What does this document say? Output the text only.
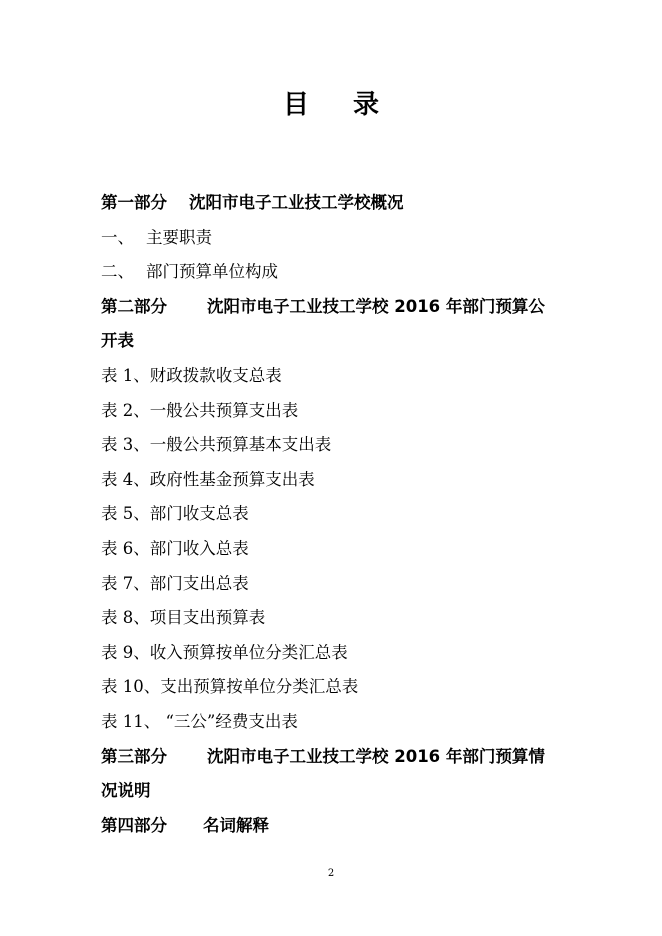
目 录
第一部分 沈阳市电子工业技工学校概况
一、 主要职责
二、 部门预算单位构成
第二部分 沈阳市电子工业技工学校 2016 年部门预算公
开表
表 1、财政拨款收支总表
表 2、一般公共预算支出表
表 3、一般公共预算基本支出表
表 4、政府性基金预算支出表
表 5、部门收支总表
表 6、部门收入总表
表 7、部门支出总表
表 8、项目支出预算表
表 9、收入预算按单位分类汇总表
表 10、支出预算按单位分类汇总表
表 11、 “三公”经费支出表
第三部分 沈阳市电子工业技工学校 2016 年部门预算情
况说明
第四部分 名词解释
2
